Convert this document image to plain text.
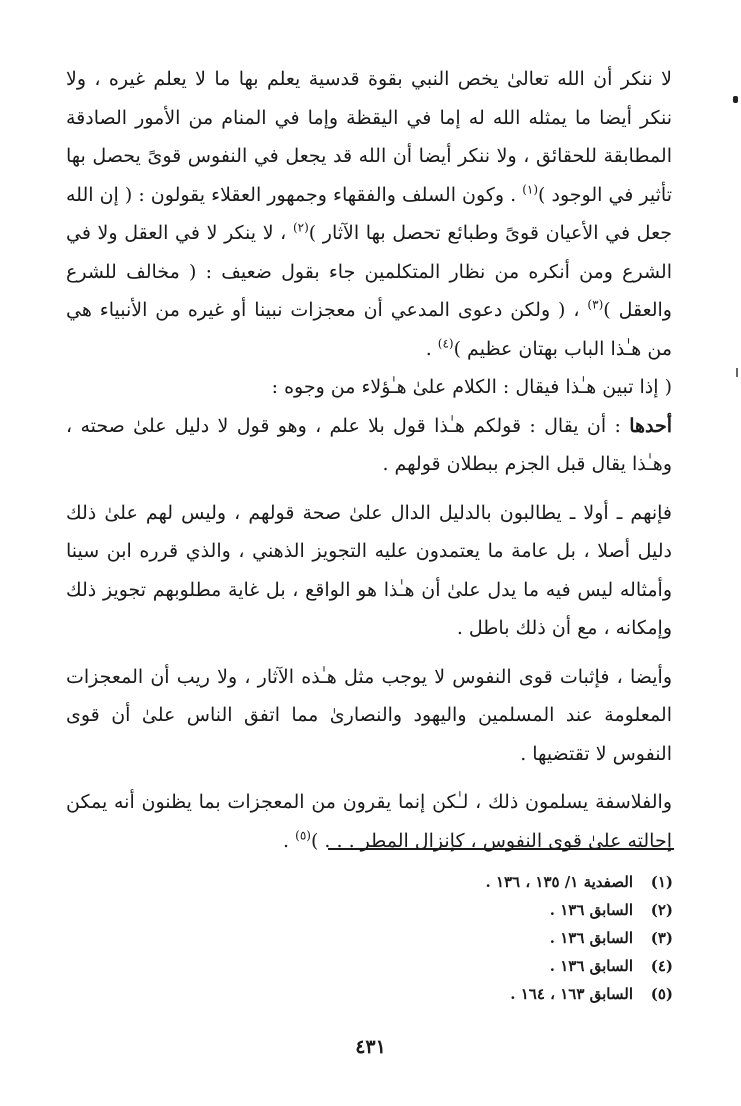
لا ننكر أن الله تعالىٰ يخص النبي بقوة قدسية يعلم بها ما لا يعلم غيره ، ولا ننكر أيضا ما يمثله الله له إما في اليقظة وإما في المنام من الأمور الصادقة المطابقة للحقائق ، ولا ننكر أيضا أن الله قد يجعل في النفوس قوىً يحصل بها تأثير في الوجود )$^{(١)}$ . وكون السلف والفقهاء وجمهور العقلاء يقولون : ( إن الله جعل في الأعيان قوىً وطبائع تحصل بها الآثار )$^{(٢)}$ ، لا ينكر لا في العقل ولا في الشرع ومن أنكره من نظار المتكلمين جاء بقول ضعيف : ( مخالف للشرع والعقل )$^{(٣)}$ ، ( ولكن دعوى المدعي أن معجزات نبينا أو غيره من الأنبياء هي من هـٰذا الباب بهتان عظيم )$^{(٤)}$ .

( إذا تبين هـٰذا فيقال : الكلام علىٰ هـٰؤلاء من وجوه :

أحدها : أن يقال : قولكم هـٰذا قول بلا علم ، وهو قول لا دليل علىٰ صحته ، وهـٰذا يقال قبل الجزم ببطلان قولهم .

فإنهم ـ أولا ـ يطالبون بالدليل الدال علىٰ صحة قولهم ، وليس لهم علىٰ ذلك دليل أصلا ، بل عامة ما يعتمدون عليه التجويز الذهني ، والذي قرره ابن سينا وأمثاله ليس فيه ما يدل علىٰ أن هـٰذا هو الواقع ، بل غاية مطلوبهم تجويز ذلك وإمكانه ، مع أن ذلك باطل .

وأيضا ، فإثبات قوى النفوس لا يوجب مثل هـٰذه الآثار ، ولا ريب أن المعجزات المعلومة عند المسلمين واليهود والنصارىٰ مما اتفق الناس علىٰ أن قوى النفوس لا تقتضيها .

والفلاسفة يسلمون ذلك ، لـٰكن إنما يقرون من المعجزات بما يظنون أنه يمكن إحالته علىٰ قوى النفوس ، كإنزال المطر . . . )$^{(٥)}$ .

(١)
الصفدية ١/ ١٣٥ ، ١٣٦ .
(٢)
السابق ١٣٦ .
(٣)
السابق ١٣٦ .
(٤)
السابق ١٣٦ .
(٥)
السابق ١٦٣ ، ١٦٤ .
٤٣١
